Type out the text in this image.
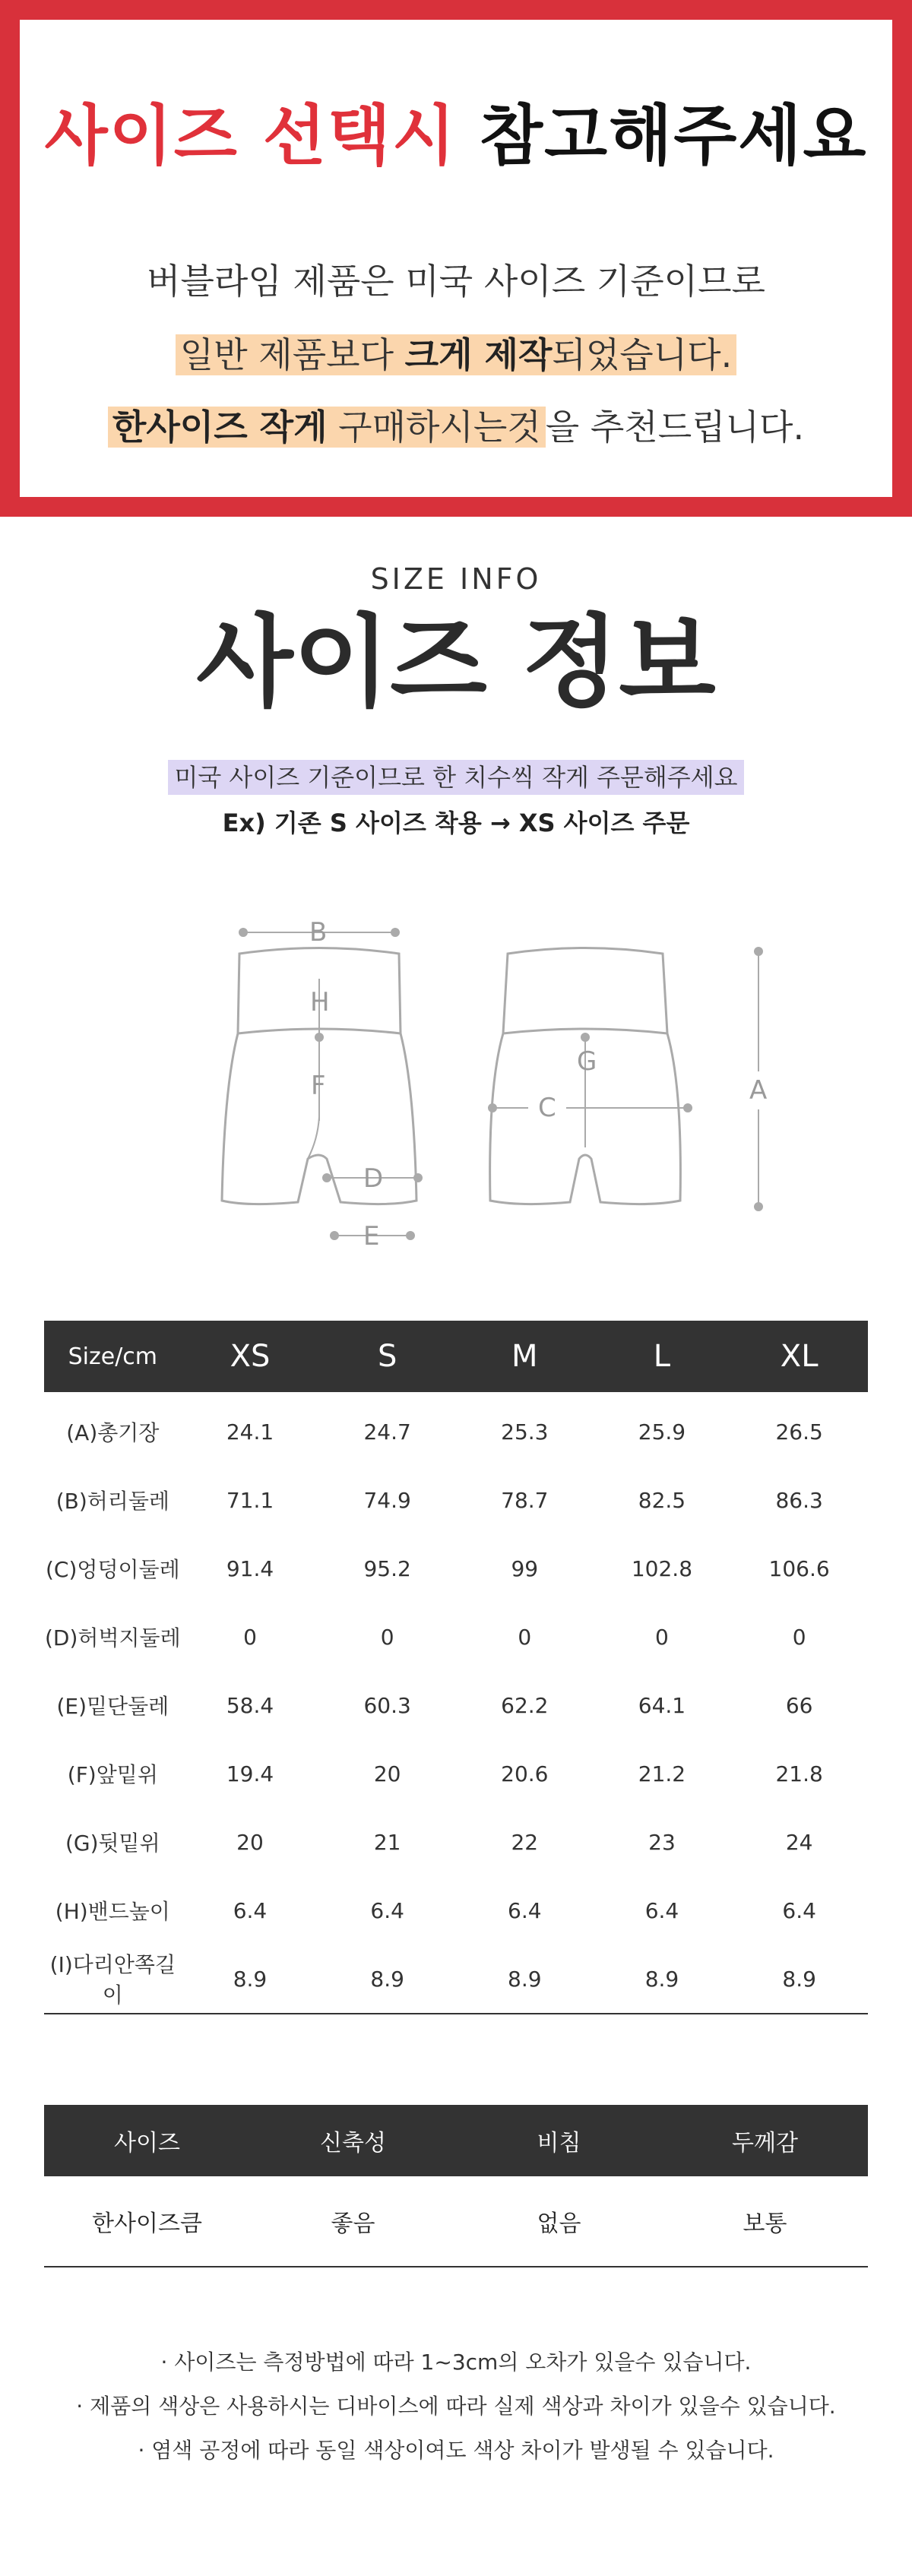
사이즈 선택시 참고해주세요
버블라임 제품은 미국 사이즈 기준이므로
일반 제품보다 크게 제작되었습니다.
한사이즈 작게 구매하시는것 을 추천드립니다.
SIZE INFO
사이즈 정보
미국 사이즈 기준이므로 한 치수씩 작게 주문해주세요
Ex) 기존 S 사이즈 착용 → XS 사이즈 주문
B
H
F
D
E
C
G
A
Size/cm	XS	S	M	L	XL
(A)총기장	24.1	24.7	25.3	25.9	26.5
(B)허리둘레	71.1	74.9	78.7	82.5	86.3
(C)엉덩이둘레	91.4	95.2	99	102.8	106.6
(D)허벅지둘레	0	0	0	0	0
(E)밑단둘레	58.4	60.3	62.2	64.1	66
(F)앞밑위	19.4	20	20.6	21.2	21.8
(G)뒷밑위	20	21	22	23	24
(H)밴드높이	6.4	6.4	6.4	6.4	6.4
(I)다리안쪽길이	8.9	8.9	8.9	8.9	8.9
사이즈	신축성	비침	두께감
한사이즈큼	좋음	없음	보통
· 사이즈는 측정방법에 따라 1~3cm의 오차가 있을수 있습니다.
· 제품의 색상은 사용하시는 디바이스에 따라 실제 색상과 차이가 있을수 있습니다.
· 염색 공정에 따라 동일 색상이여도 색상 차이가 발생될 수 있습니다.
